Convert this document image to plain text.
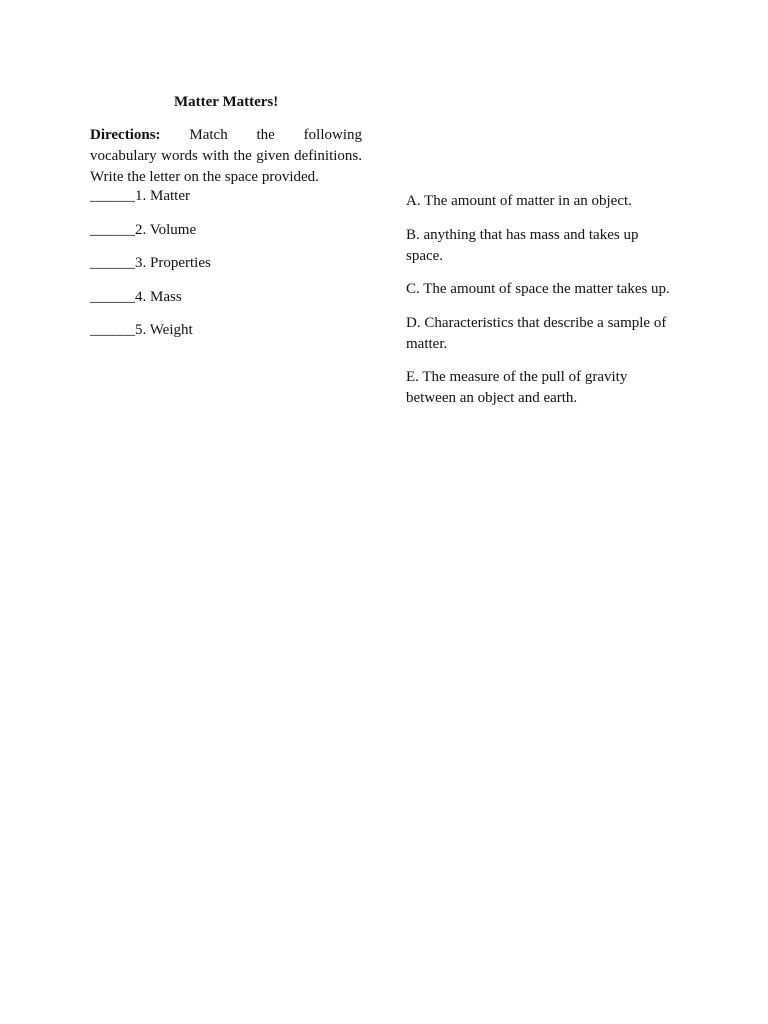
Matter Matters!
Directions: Match the following
vocabulary words with the given definitions. Write the letter on the space provided.
______1. Matter
______2. Volume
______3. Properties
______4. Mass
______5. Weight
A. The amount of matter in an object.
B. anything that has mass and takes up space.
C. The amount of space the matter takes up.
D. Characteristics that describe a sample of matter.
E. The measure of the pull of gravity between an object and earth.
